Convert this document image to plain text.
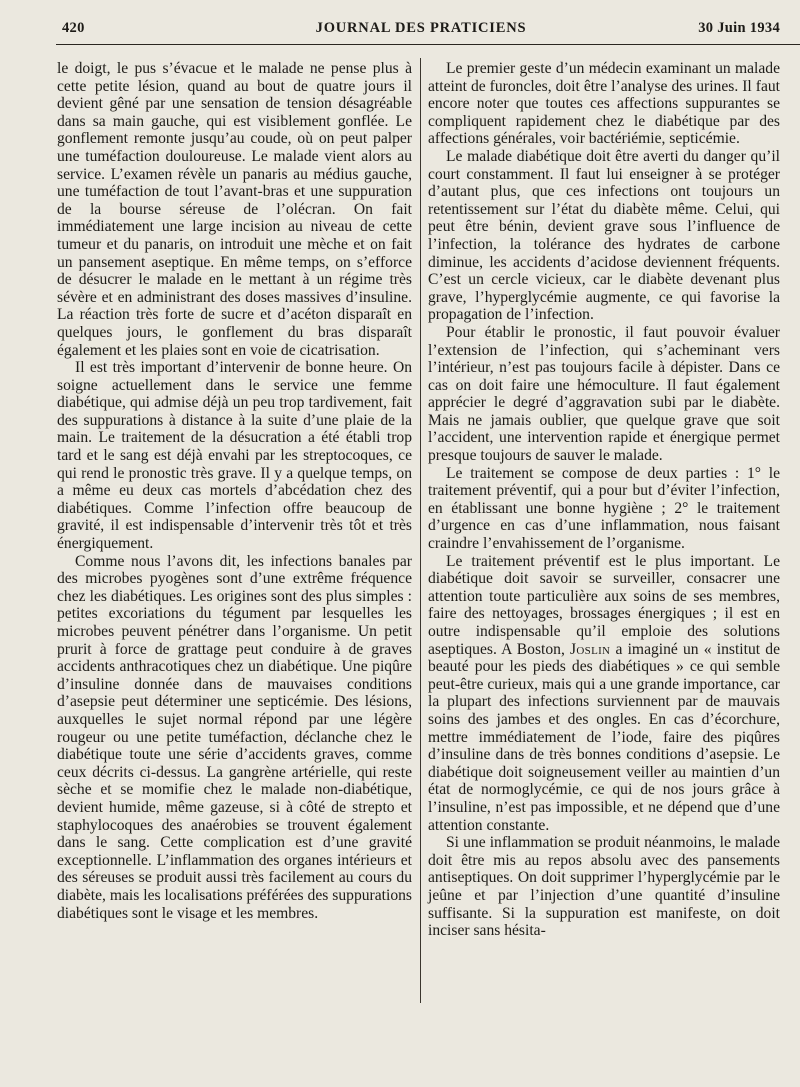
420	JOURNAL DES PRATICIENS	30 Juin 1934

le doigt, le pus s’évacue et le malade ne pense plus à cette petite lésion, quand au bout de quatre jours il devient gêné par une sensation de tension désagréable dans sa main gauche, qui est visiblement gonflée. Le gonflement remonte jusqu’au coude, où on peut palper une tuméfaction douloureuse. Le malade vient alors au service. L’examen révèle un panaris au médius gauche, une tuméfaction de tout l’avant-bras et une suppuration de la bourse séreuse de l’olécran. On fait immédiatement une large incision au niveau de cette tumeur et du panaris, on introduit une mèche et on fait un pansement aseptique. En même temps, on s’efforce de désucrer le malade en le mettant à un régime très sévère et en administrant des doses massives d’insuline. La réaction très forte de sucre et d’acéton disparaît en quelques jours, le gonflement du bras disparaît également et les plaies sont en voie de cicatrisation.

Il est très important d’intervenir de bonne heure. On soigne actuellement dans le service une femme diabétique, qui admise déjà un peu trop tardivement, fait des suppurations à distance à la suite d’une plaie de la main. Le traitement de la désucration a été établi trop tard et le sang est déjà envahi par les streptocoques, ce qui rend le pronostic très grave. Il y a quelque temps, on a même eu deux cas mortels d’abcédation chez des diabétiques. Comme l’infection offre beaucoup de gravité, il est indispensable d’intervenir très tôt et très énergiquement.

Comme nous l’avons dit, les infections banales par des microbes pyogènes sont d’une extrême fréquence chez les diabétiques. Les origines sont des plus simples : petites excoriations du tégument par lesquelles les microbes peuvent pénétrer dans l’organisme. Un petit prurit à force de grattage peut conduire à de graves accidents anthracotiques chez un diabétique. Une piqûre d’insuline donnée dans de mauvaises conditions d’asepsie peut déterminer une septicémie. Des lésions, auxquelles le sujet normal répond par une légère rougeur ou une petite tuméfaction, déclanche chez le diabétique toute une série d’accidents graves, comme ceux décrits ci-dessus. La gangrène artérielle, qui reste sèche et se momifie chez le malade non-diabétique, devient humide, même gazeuse, si à côté de strepto et staphylocoques des anaérobies se trouvent également dans le sang. Cette complication est d’une gravité exceptionnelle. L’inflammation des organes intérieurs et des séreuses se produit aussi très facilement au cours du diabète, mais les localisations préférées des suppurations diabétiques sont le visage et les membres.

Le premier geste d’un médecin examinant un malade atteint de furoncles, doit être l’analyse des urines. Il faut encore noter que toutes ces affections suppurantes se compliquent rapidement chez le diabétique par des affections générales, voir bactériémie, septicémie.

Le malade diabétique doit être averti du danger qu’il court constamment. Il faut lui enseigner à se protéger d’autant plus, que ces infections ont toujours un retentissement sur l’état du diabète même. Celui, qui peut être bénin, devient grave sous l’influence de l’infection, la tolérance des hydrates de carbone diminue, les accidents d’acidose deviennent fréquents. C’est un cercle vicieux, car le diabète devenant plus grave, l’hyperglycémie augmente, ce qui favorise la propagation de l’infection.

Pour établir le pronostic, il faut pouvoir évaluer l’extension de l’infection, qui s’acheminant vers l’intérieur, n’est pas toujours facile à dépister. Dans ce cas on doit faire une hémoculture. Il faut également apprécier le degré d’aggravation subi par le diabète. Mais ne jamais oublier, que quelque grave que soit l’accident, une intervention rapide et énergique permet presque toujours de sauver le malade.

Le traitement se compose de deux parties : 1° le traitement préventif, qui a pour but d’éviter l’infection, en établissant une bonne hygiène ; 2° le traitement d’urgence en cas d’une inflammation, nous faisant craindre l’envahissement de l’organisme.

Le traitement préventif est le plus important. Le diabétique doit savoir se surveiller, consacrer une attention toute particulière aux soins de ses membres, faire des nettoyages, brossages énergiques ; il est en outre indispensable qu’il emploie des solutions aseptiques. A Boston, Joslin a imaginé un « institut de beauté pour les pieds des diabétiques » ce qui semble peut-être curieux, mais qui a une grande importance, car la plupart des infections surviennent par de mauvais soins des jambes et des ongles. En cas d’écorchure, mettre immédiatement de l’iode, faire des piqûres d’insuline dans de très bonnes conditions d’asepsie. Le diabétique doit soigneusement veiller au maintien d’un état de normoglycémie, ce qui de nos jours grâce à l’insuline, n’est pas impossible, et ne dépend que d’une attention constante.

Si une inflammation se produit néanmoins, le malade doit être mis au repos absolu avec des pansements antiseptiques. On doit supprimer l’hyperglycémie par le jeûne et par l’injection d’une quantité d’insuline suffisante. Si la suppuration est manifeste, on doit inciser sans hésita-
